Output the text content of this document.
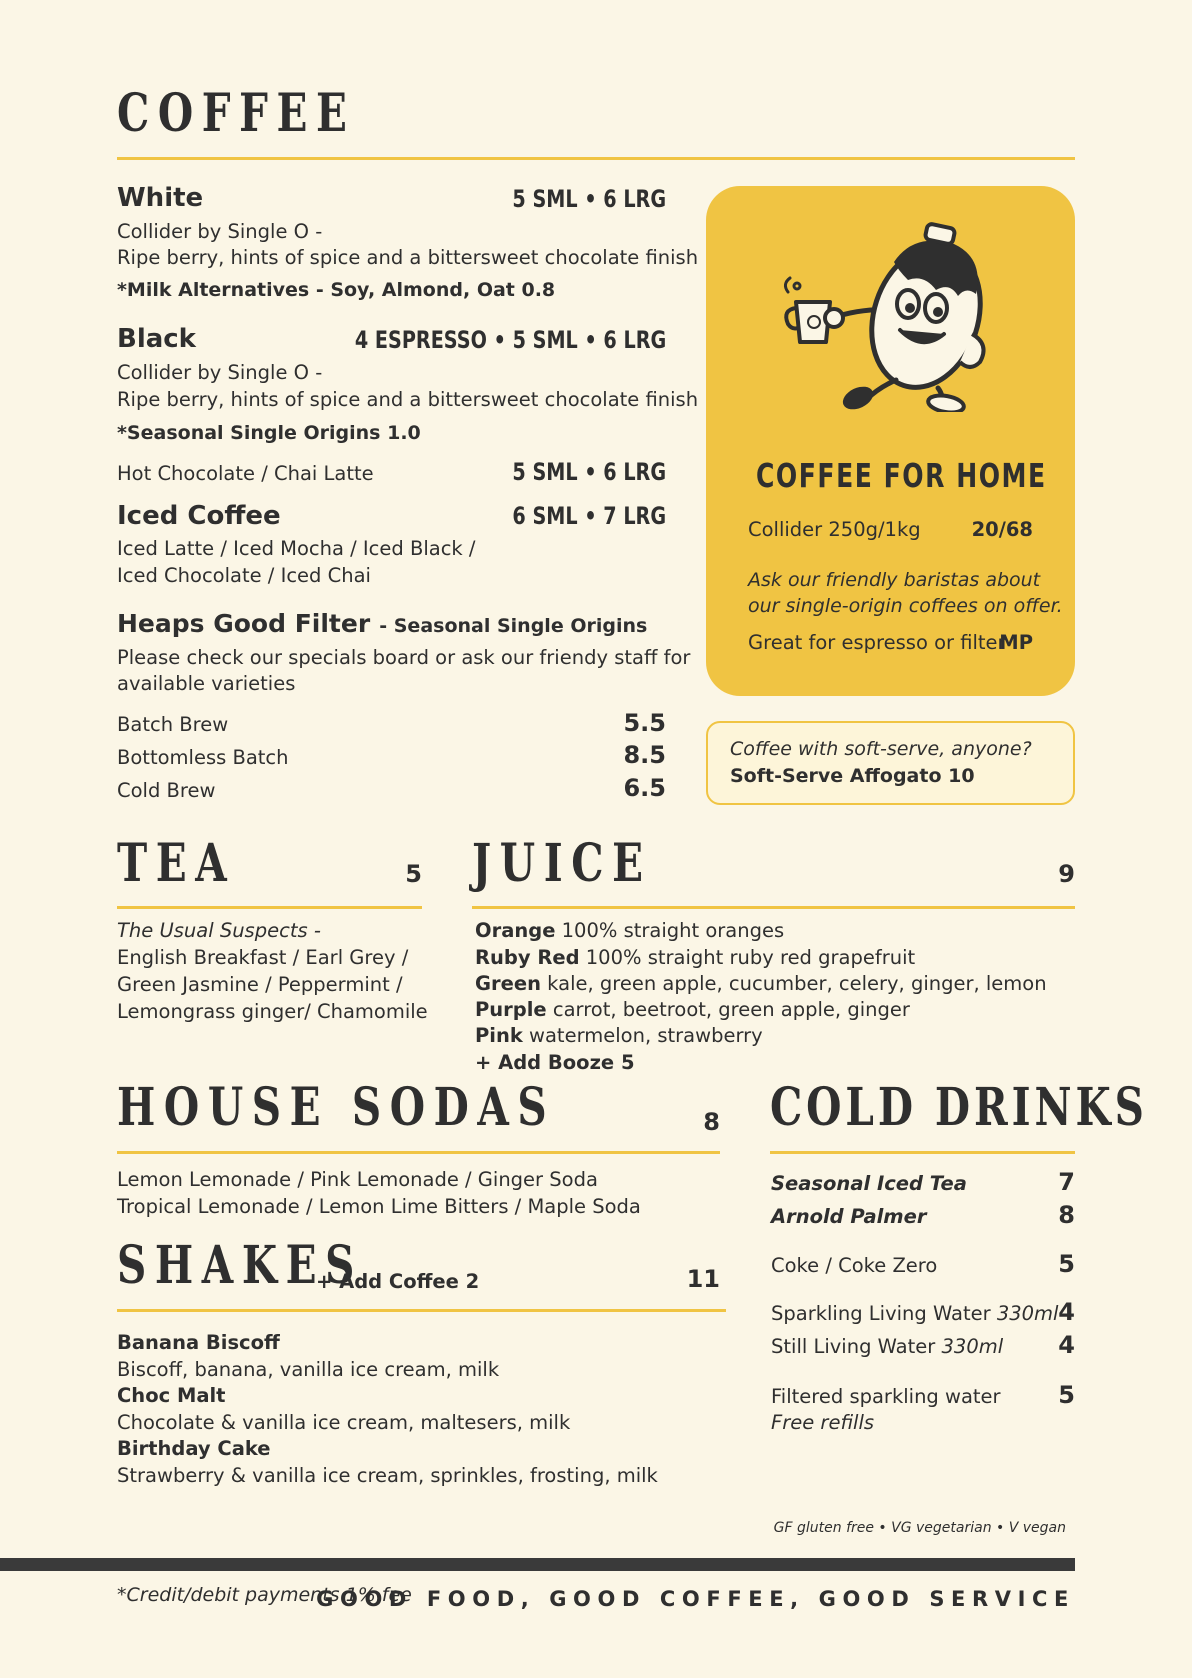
COFFEE
White	5 SML • 6 LRG
Collider by Single O -
Ripe berry, hints of spice and a bittersweet chocolate finish
*Milk Alternatives - Soy, Almond, Oat 0.8
Black	4 ESPRESSO • 5 SML • 6 LRG
Collider by Single O -
Ripe berry, hints of spice and a bittersweet chocolate finish
*Seasonal Single Origins 1.0
Hot Chocolate / Chai Latte	5 SML • 6 LRG
Iced Coffee	6 SML • 7 LRG
Iced Latte / Iced Mocha / Iced Black /
Iced Chocolate / Iced Chai
Heaps Good Filter - Seasonal Single Origins
Please check our specials board or ask our friendy staff for
available varieties
Batch Brew	5.5
Bottomless Batch	8.5
Cold Brew	6.5
COFFEE FOR HOME
Collider 250g/1kg	20/68
Ask our friendly baristas about
our single-origin coffees on offer.
Great for espresso or filter
MP
Coffee with soft-serve, anyone?
Soft-Serve Affogato 10
TEA	5
The Usual Suspects -
English Breakfast / Earl Grey /
Green Jasmine / Peppermint /
Lemongrass ginger/ Chamomile
JUICE	9
Orange 100% straight oranges
Ruby Red 100% straight ruby red grapefruit
Green kale, green apple, cucumber, celery, ginger, lemon
Purple carrot, beetroot, green apple, ginger
Pink watermelon, strawberry
+ Add Booze 5
HOUSE SODAS	8
Lemon Lemonade / Pink Lemonade / Ginger Soda
Tropical Lemonade / Lemon Lime Bitters / Maple Soda
SHAKES
+ Add Coffee 2	11
Banana Biscoff
Biscoff, banana, vanilla ice cream, milk
Choc Malt
Chocolate & vanilla ice cream, maltesers, milk
Birthday Cake
Strawberry & vanilla ice cream, sprinkles, frosting, milk
COLD DRINKS
Seasonal Iced Tea	7
Arnold Palmer	8
Coke / Coke Zero	5
Sparkling Living Water 330ml 4
Still Living Water 330ml 4
Filtered sparkling water 5
Free refills
GF gluten free • VG vegetarian • V vegan
*Credit/debit payments 1% fee
GOOD FOOD, GOOD COFFEE, GOOD SERVICE
